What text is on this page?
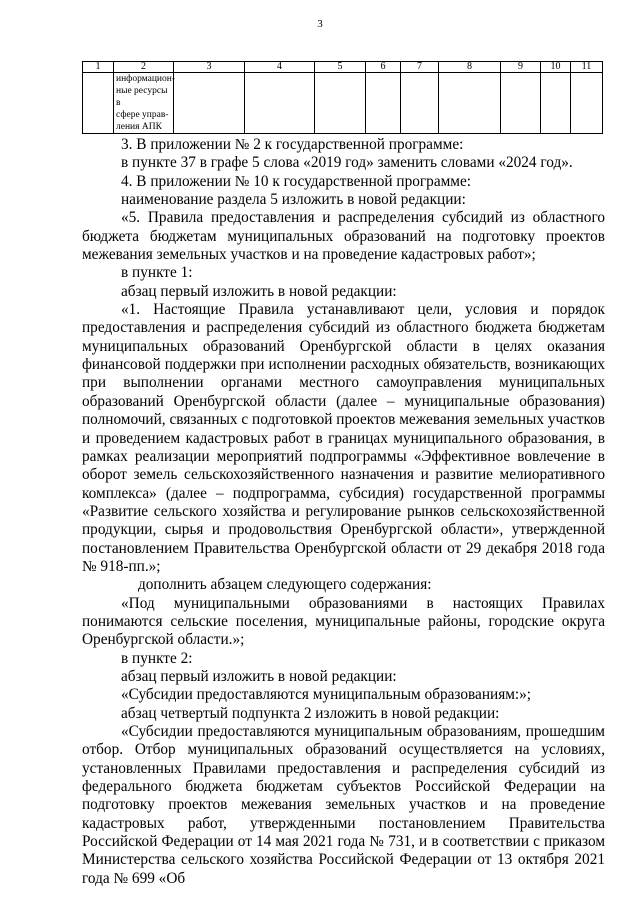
3
1	2	3	4	5	6	7	8	9	10	11
	информацион-
ные ресурсы в
сфере управ-
ления АПК									

3. В приложении № 2 к государственной программе:

в пункте 37 в графе 5 слова «2019 год» заменить словами «2024 год».

4. В приложении № 10 к государственной программе:

наименование раздела 5 изложить в новой редакции:

«5. Правила предоставления и распределения субсидий из областного бюджета бюджетам муниципальных образований на подготовку проектов межевания земельных участков и на проведение кадастровых работ»;

в пункте 1:

абзац первый изложить в новой редакции:

«1. Настоящие Правила устанавливают цели, условия и порядок предоставления и распределения субсидий из областного бюджета бюджетам муниципальных образований Оренбургской области в целях оказания финансовой поддержки при исполнении расходных обязательств, возникающих при выполнении органами местного самоуправления муниципальных образований Оренбургской области (далее – муниципальные образования) полномочий, связанных с подготовкой проектов межевания земельных участков и проведением кадастровых работ в границах муниципального образования, в рамках реализации мероприятий подпрограммы «Эффективное вовлечение в оборот земель сельскохозяйственного назначения и развитие мелиоративного комплекса» (далее – подпрограмма, субсидия) государственной программы «Развитие сельского хозяйства и регулирование рынков сельскохозяйственной продукции, сырья и продовольствия Оренбургской области», утвержденной постановлением Правительства Оренбургской области от 29 декабря 2018 года № 918-пп.»;

дополнить абзацем следующего содержания:

«Под муниципальными образованиями в настоящих Правилах понимаются сельские поселения, муниципальные районы, городские округа Оренбургской области.»;

в пункте 2:

абзац первый изложить в новой редакции:

«Субсидии предоставляются муниципальным образованиям:»;

абзац четвертый подпункта 2 изложить в новой редакции:

«Субсидии предоставляются муниципальным образованиям, прошедшим отбор. Отбор муниципальных образований осуществляется на условиях, установленных Правилами предоставления и распределения субсидий из федерального бюджета бюджетам субъектов Российской Федерации на подготовку проектов межевания земельных участков и на проведение кадастровых работ, утвержденными постановлением Правительства Российской Федерации от 14 мая 2021 года № 731, и в соответствии с приказом Министерства сельского хозяйства Российской Федерации от 13 октября 2021 года № 699 «Об
